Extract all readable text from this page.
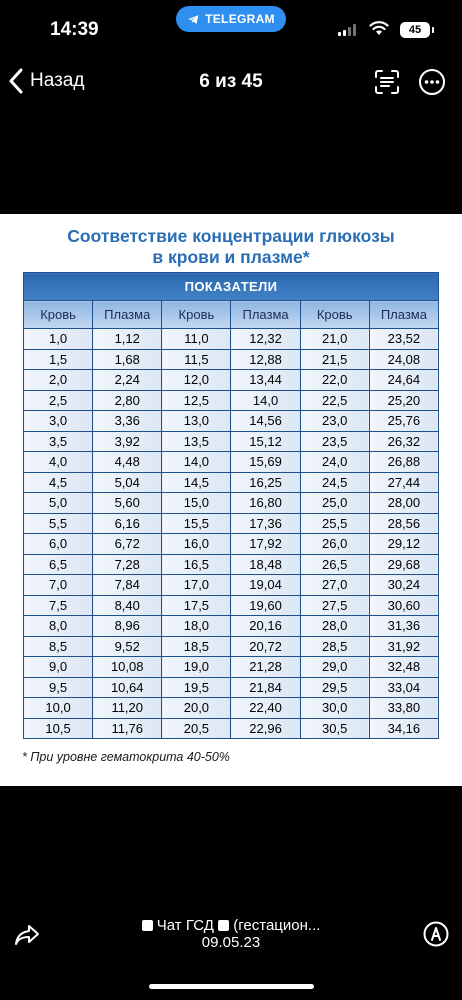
14:39	TELEGRAM
45
Назад	6 из 45
Соответствие концентрации глюкозы
в крови и плазме*
ПОКАЗАТЕЛИ					
Кровь	Плазма	Кровь	Плазма	Кровь	Плазма
1,0	1,12	11,0	12,32	21,0	23,52
1,5	1,68	11,5	12,88	21,5	24,08
2,0	2,24	12,0	13,44	22,0	24,64
2,5	2,80	12,5	14,0	22,5	25,20
3,0	3,36	13,0	14,56	23,0	25,76
3,5	3,92	13,5	15,12	23,5	26,32
4,0	4,48	14,0	15,69	24,0	26,88
4,5	5,04	14,5	16,25	24,5	27,44
5,0	5,60	15,0	16,80	25,0	28,00
5,5	6,16	15,5	17,36	25,5	28,56
6,0	6,72	16,0	17,92	26,0	29,12
6,5	7,28	16,5	18,48	26,5	29,68
7,0	7,84	17,0	19,04	27,0	30,24
7,5	8,40	17,5	19,60	27,5	30,60
8,0	8,96	18,0	20,16	28,0	31,36
8,5	9,52	18,5	20,72	28,5	31,92
9,0	10,08	19,0	21,28	29,0	32,48
9,5	10,64	19,5	21,84	29,5	33,04
10,0	11,20	20,0	22,40	30,0	33,80
10,5	11,76	20,5	22,96	30,5	34,16
* При уровне гематокрита 40-50%
Чат ГСД (гестацион...
09.05.23
